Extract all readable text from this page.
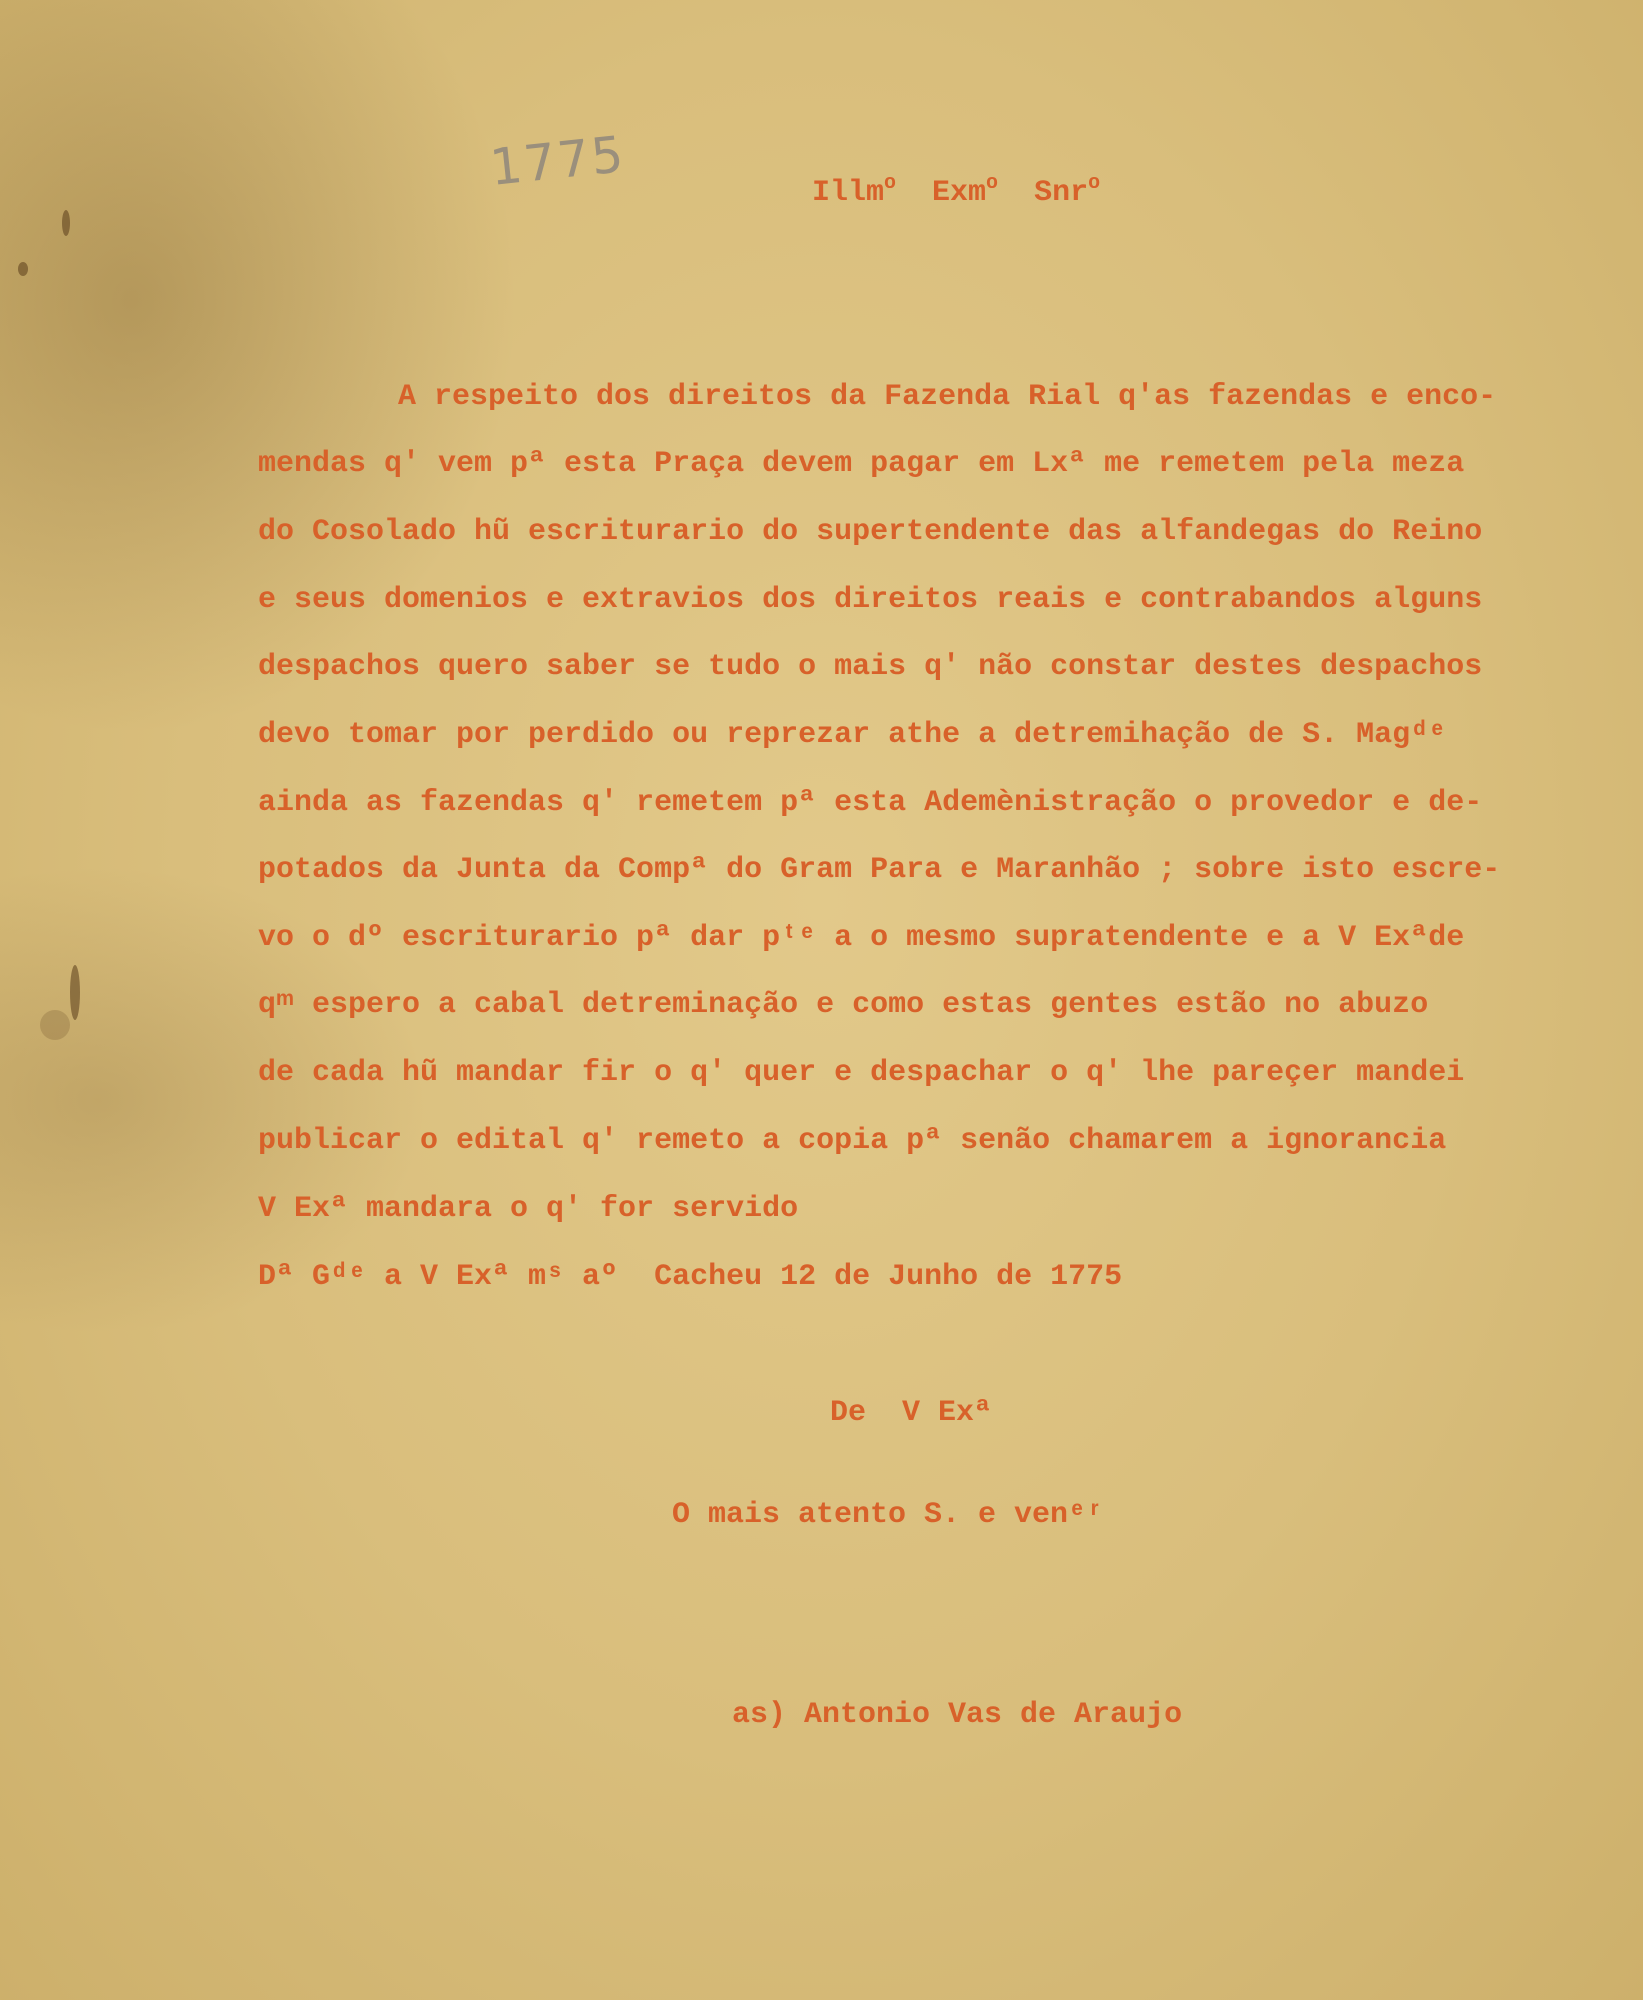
1775	Illm$^o$  Exm$^o$  Snr$^o$
A respeito dos direitos da Fazenda Rial q'as fazendas e enco-
mendas q' vem pª esta Praça devem pagar em Lxª me remetem pela meza
do Cosolado hũ escriturario do supertendente das alfandegas do Reino
e seus domenios e extravios dos direitos reais e contrabandos alguns
despachos quero saber se tudo o mais q' não constar destes despachos
devo tomar por perdido ou reprezar athe a detremihação de S. Magᵈᵉ
ainda as fazendas q' remetem pª esta Ademènistração o provedor e de-
potados da Junta da Compª do Gram Para e Maranhão ; sobre isto escre-
vo o dº escriturario pª dar pᵗᵉ a o mesmo supratendente e a V Exªde
qᵐ espero a cabal detreminação e como estas gentes estão no abuzo
de cada hũ mandar fir o q' quer e despachar o q' lhe pareçer mandei
publicar o edital q' remeto a copia pª senão chamarem a ignorancia
V Exª mandara o q' for servido
Dª Gᵈᵉ a V Exª mˢ aº  Cacheu 12 de Junho de 1775
De  V Exª
O mais atento S. e venᵉʳ
as) Antonio Vas de Araujo
